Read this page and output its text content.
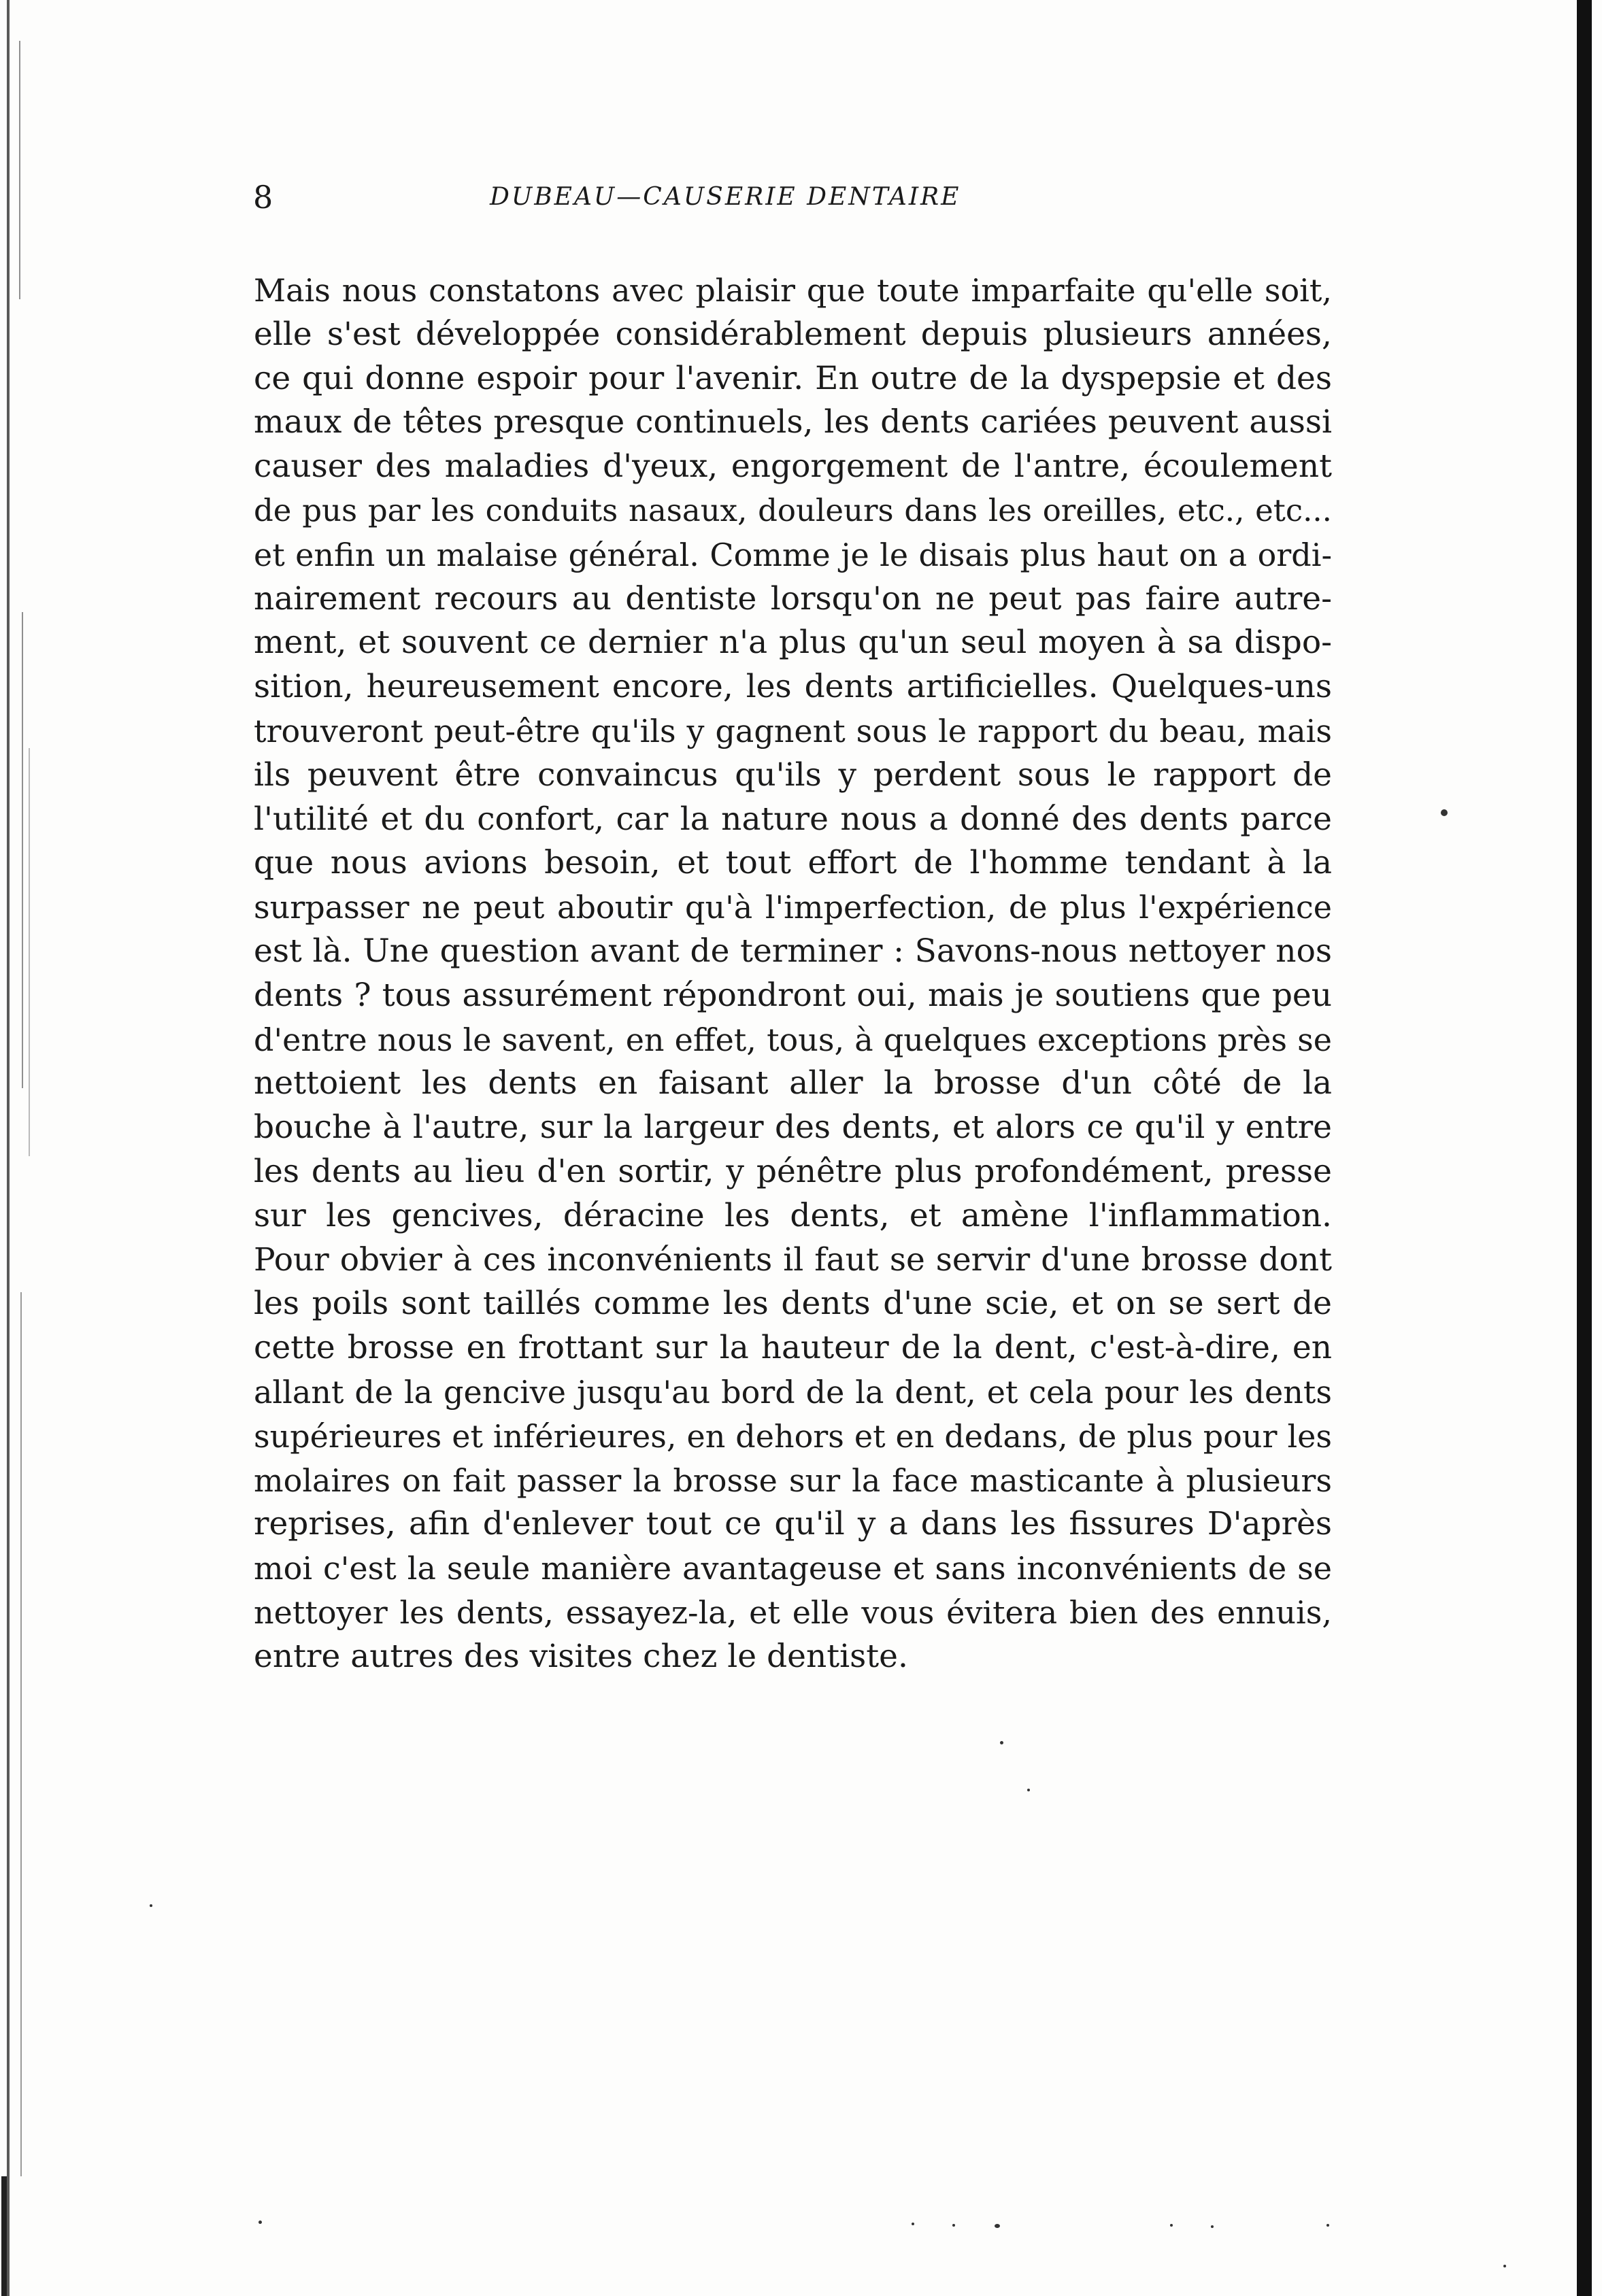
8	DUBEAU—CAUSERIE DENTAIRE
Mais nous constatons avec plaisir que toute imparfaite qu'elle soit,
elle s'est développée considérablement depuis plusieurs années,
ce qui donne espoir pour l'avenir. En outre de la dyspepsie et des
maux de têtes presque continuels, les dents cariées peuvent aussi
causer des maladies d'yeux, engorgement de l'antre, écoulement
de pus par les conduits nasaux, douleurs dans les oreilles, etc., etc...
et enfin un malaise général. Comme je le disais plus haut on a ordi-
nairement recours au dentiste lorsqu'on ne peut pas faire autre-
ment, et souvent ce dernier n'a plus qu'un seul moyen à sa dispo-
sition, heureusement encore, les dents artificielles. Quelques-uns
trouveront peut-être qu'ils y gagnent sous le rapport du beau, mais
ils peuvent être convaincus qu'ils y perdent sous le rapport de
l'utilité et du confort, car la nature nous a donné des dents parce
que nous avions besoin, et tout effort de l'homme tendant à la
surpasser ne peut aboutir qu'à l'imperfection, de plus l'expérience
est là. Une question avant de terminer : Savons-nous nettoyer nos
dents ? tous assurément répondront oui, mais je soutiens que peu
d'entre nous le savent, en effet, tous, à quelques exceptions près se
nettoient les dents en faisant aller la brosse d'un côté de la
bouche à l'autre, sur la largeur des dents, et alors ce qu'il y entre
les dents au lieu d'en sortir, y pénêtre plus profondément, presse
sur les gencives, déracine les dents, et amène l'inflammation.
Pour obvier à ces inconvénients il faut se servir d'une brosse dont
les poils sont taillés comme les dents d'une scie, et on se sert de
cette brosse en frottant sur la hauteur de la dent, c'est-à-dire, en
allant de la gencive jusqu'au bord de la dent, et cela pour les dents
supérieures et inférieures, en dehors et en dedans, de plus pour les
molaires on fait passer la brosse sur la face masticante à plusieurs
reprises, afin d'enlever tout ce qu'il y a dans les fissures D'après
moi c'est la seule manière avantageuse et sans inconvénients de se
nettoyer les dents, essayez-la, et elle vous évitera bien des ennuis,
entre autres des visites chez le dentiste.
